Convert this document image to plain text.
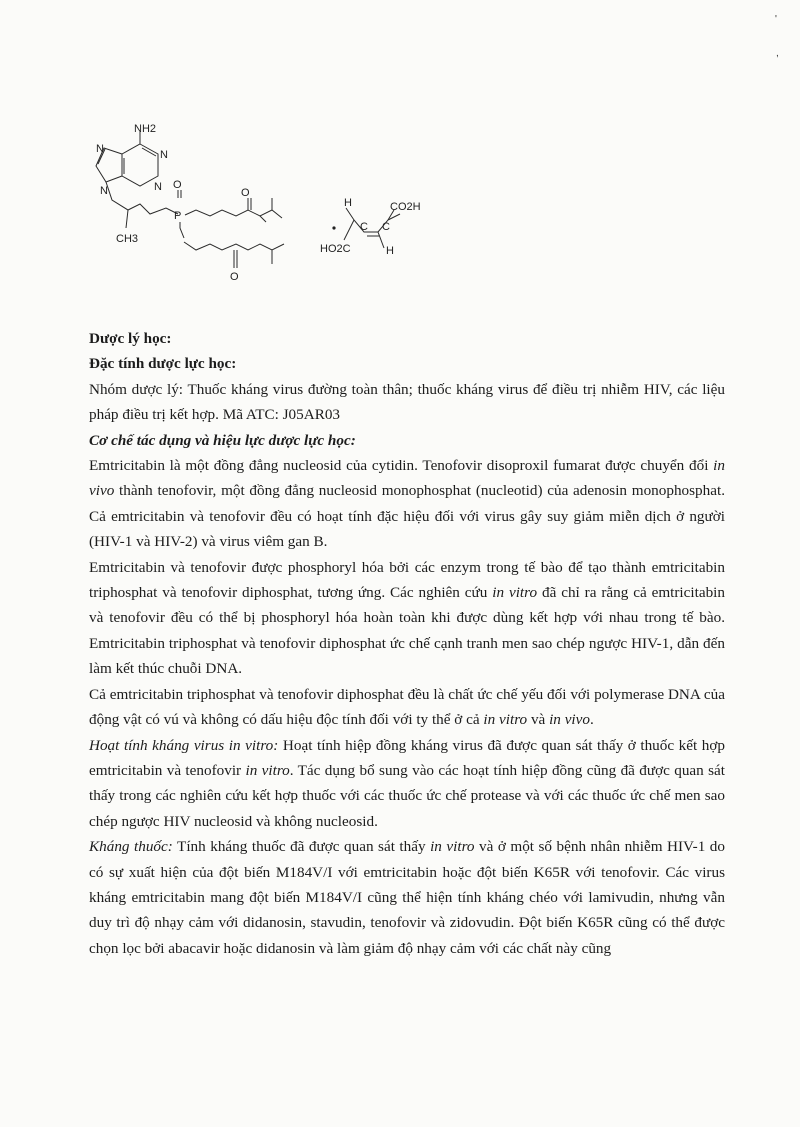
NH2
N
N
N
N	O
P
O
O
CH3
H	CO2H
C C
HO2C	H

Dược lý học:

Đặc tính dược lực học:

Nhóm dược lý: Thuốc kháng virus đường toàn thân; thuốc kháng virus để điều trị nhiễm HIV, các liệu pháp điều trị kết hợp. Mã ATC: J05AR03

Cơ chế tác dụng và hiệu lực dược lực học:

Emtricitabin là một đồng đẳng nucleosid của cytidin. Tenofovir disoproxil fumarat được chuyển đổi in vivo thành tenofovir, một đồng đẳng nucleosid monophosphat (nucleotid) của adenosin monophosphat. Cả emtricitabin và tenofovir đều có hoạt tính đặc hiệu đối với virus gây suy giảm miễn dịch ở người (HIV-1 và HIV-2) và virus viêm gan B.

Emtricitabin và tenofovir được phosphoryl hóa bởi các enzym trong tế bào để tạo thành emtricitabin triphosphat và tenofovir diphosphat, tương ứng. Các nghiên cứu in vitro đã chỉ ra rằng cả emtricitabin và tenofovir đều có thể bị phosphoryl hóa hoàn toàn khi được dùng kết hợp với nhau trong tế bào. Emtricitabin triphosphat và tenofovir diphosphat ức chế cạnh tranh men sao chép ngược HIV-1, dẫn đến làm kết thúc chuỗi DNA.

Cả emtricitabin triphosphat và tenofovir diphosphat đều là chất ức chế yếu đối với polymerase DNA của động vật có vú và không có dấu hiệu độc tính đối với ty thể ở cả in vitro và in vivo.

Hoạt tính kháng virus in vitro: Hoạt tính hiệp đồng kháng virus đã được quan sát thấy ở thuốc kết hợp emtricitabin và tenofovir in vitro. Tác dụng bổ sung vào các hoạt tính hiệp đồng cũng đã được quan sát thấy trong các nghiên cứu kết hợp thuốc với các thuốc ức chế protease và với các thuốc ức chế men sao chép ngược HIV nucleosid và không nucleosid.

Kháng thuốc: Tính kháng thuốc đã được quan sát thấy in vitro và ở một số bệnh nhân nhiễm HIV-1 do có sự xuất hiện của đột biến M184V/I với emtricitabin hoặc đột biến K65R với tenofovir. Các virus kháng emtricitabin mang đột biến M184V/I cũng thể hiện tính kháng chéo với lamivudin, nhưng vẫn duy trì độ nhạy cảm với didanosin, stavudin, tenofovir và zidovudin. Đột biến K65R cũng có thể được chọn lọc bởi abacavir hoặc didanosin và làm giảm độ nhạy cảm với các chất này cũng

'
,
